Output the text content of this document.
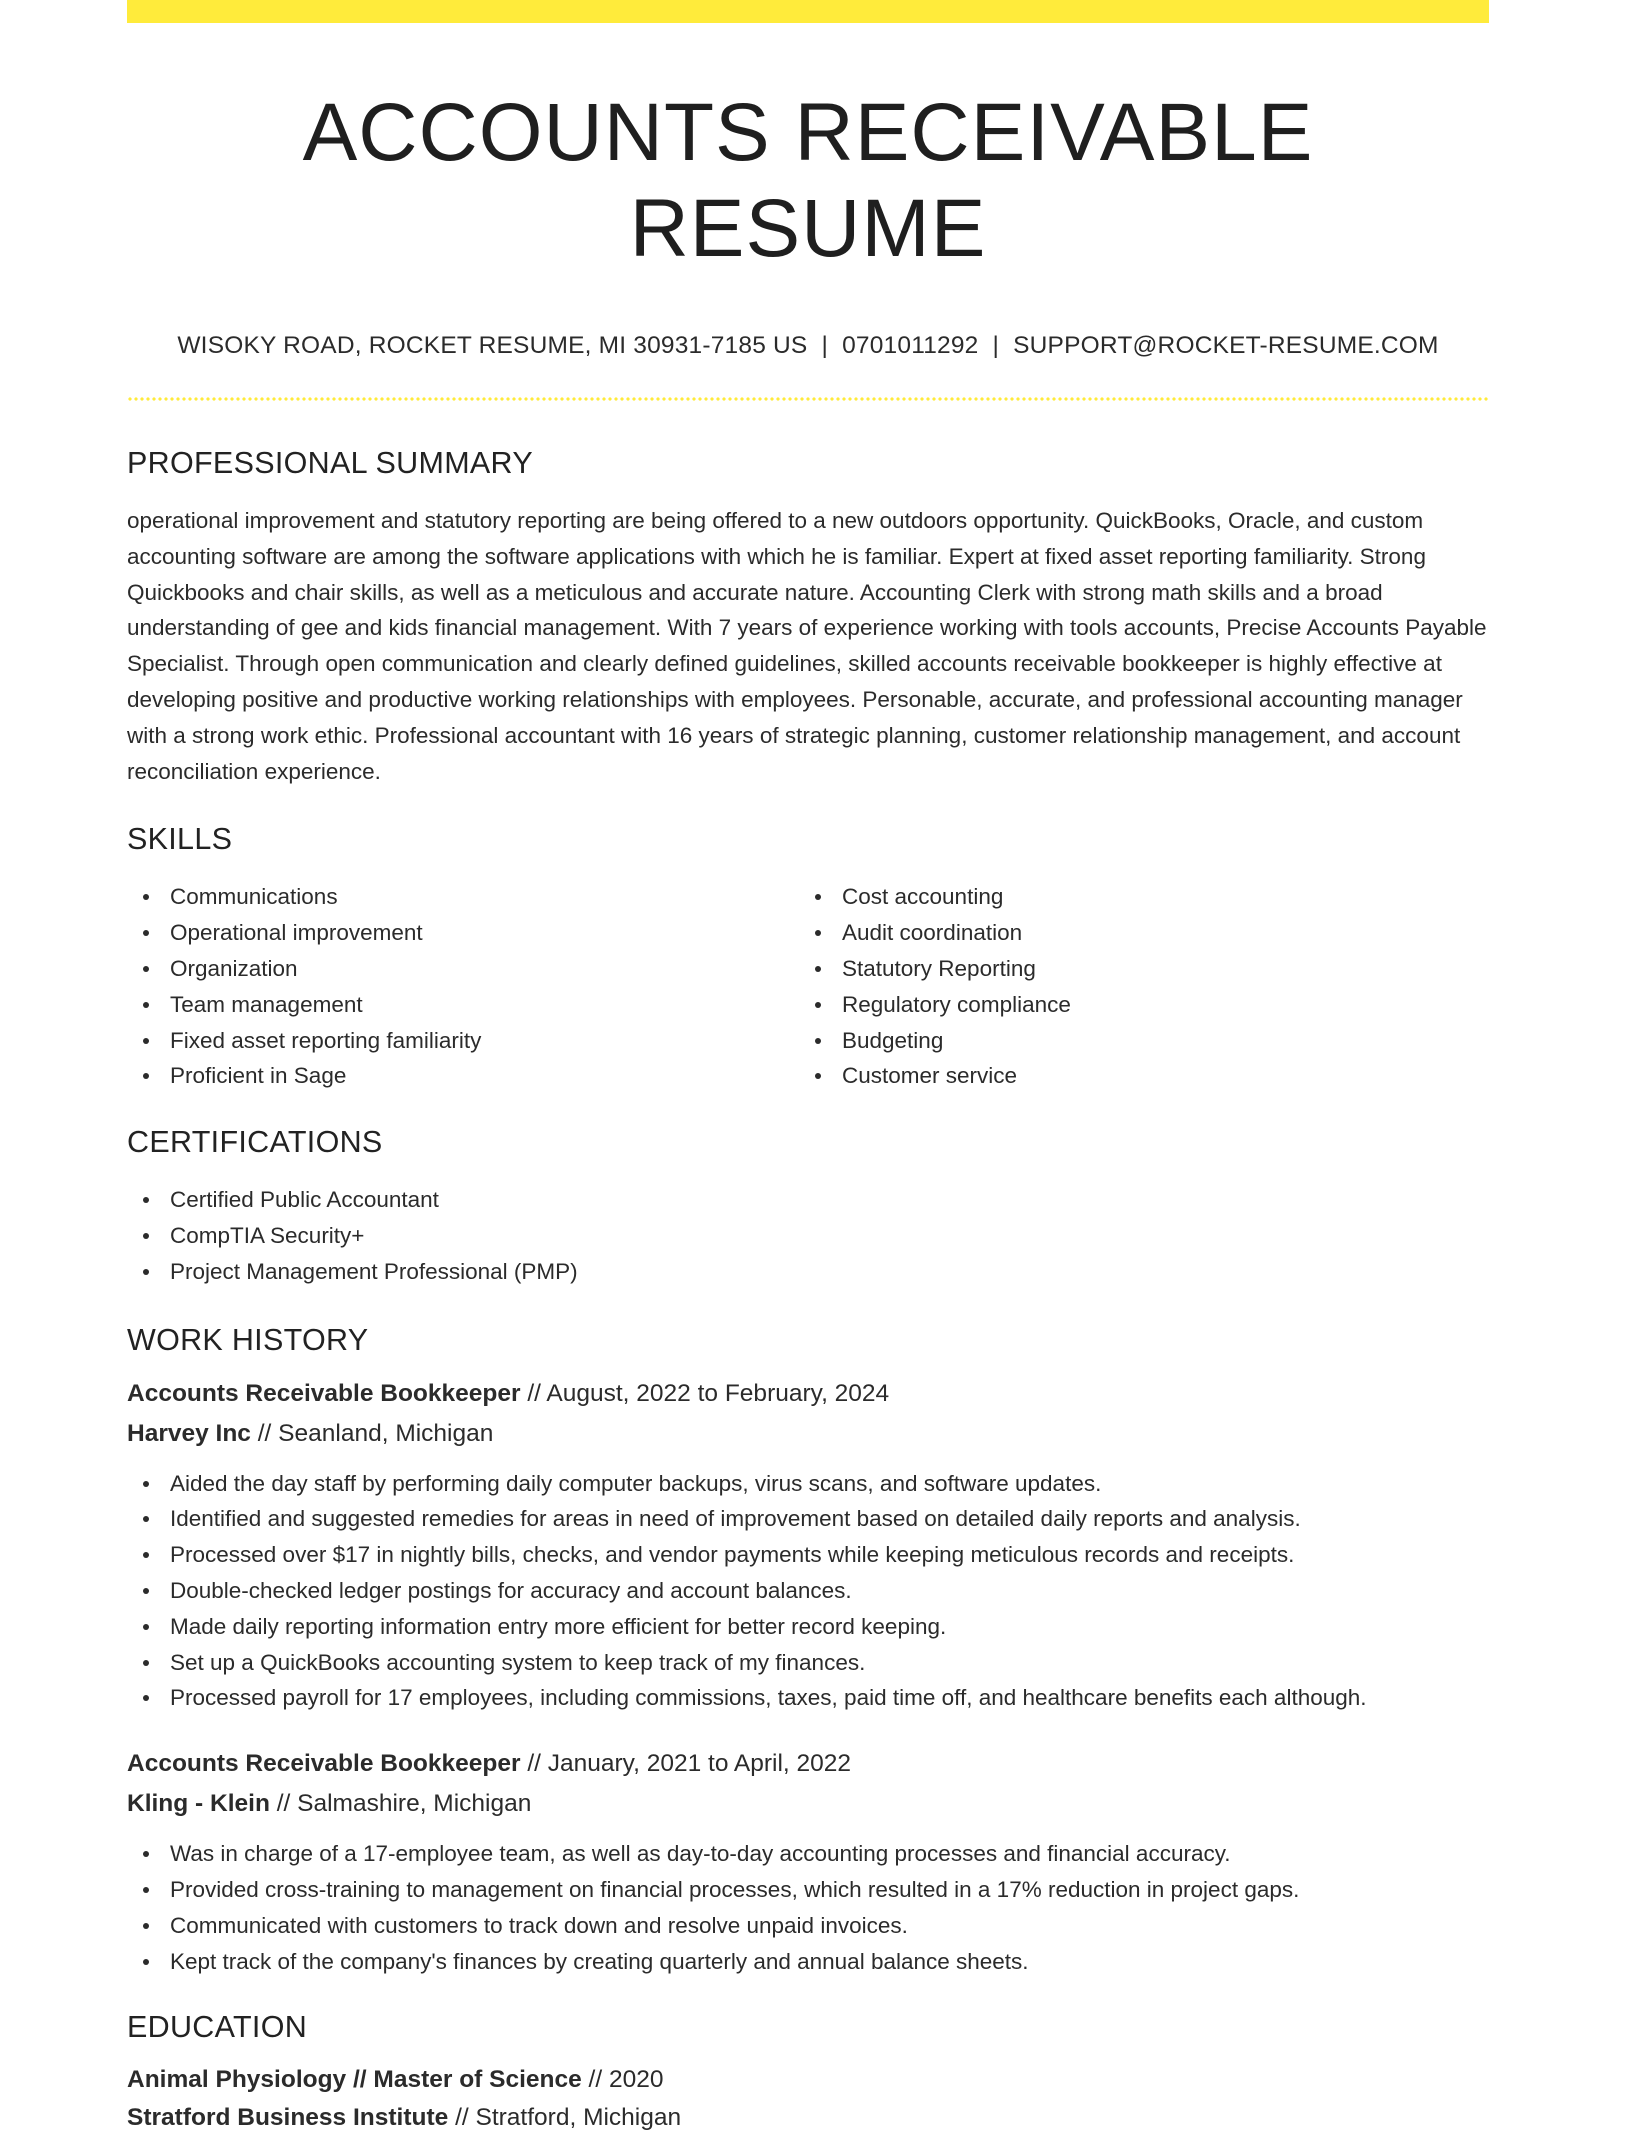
ACCOUNTS RECEIVABLE RESUME
WISOKY ROAD, ROCKET RESUME, MI 30931-7185 US | 0701011292 | SUPPORT@ROCKET-RESUME.COM
PROFESSIONAL SUMMARY

operational improvement and statutory reporting are being offered to a new outdoors opportunity. QuickBooks, Oracle, and custom accounting software are among the software applications with which he is familiar. Expert at fixed asset reporting familiarity. Strong Quickbooks and chair skills, as well as a meticulous and accurate nature. Accounting Clerk with strong math skills and a broad understanding of gee and kids financial management. With 7 years of experience working with tools accounts, Precise Accounts Payable Specialist. Through open communication and clearly defined guidelines, skilled accounts receivable bookkeeper is highly effective at developing positive and productive working relationships with employees. Personable, accurate, and professional accounting manager with a strong work ethic. Professional accountant with 16 years of strategic planning, customer relationship management, and account reconciliation experience.

SKILLS
Communications
Operational improvement
Organization
Team management
Fixed asset reporting familiarity
Proficient in Sage
Cost accounting
Audit coordination
Statutory Reporting
Regulatory compliance
Budgeting
Customer service
CERTIFICATIONS
Certified Public Accountant
CompTIA Security+
Project Management Professional (PMP)
WORK HISTORY
Accounts Receivable Bookkeeper // August, 2022 to February, 2024
Harvey Inc // Seanland, Michigan
Aided the day staff by performing daily computer backups, virus scans, and software updates.
Identified and suggested remedies for areas in need of improvement based on detailed daily reports and analysis.
Processed over $17 in nightly bills, checks, and vendor payments while keeping meticulous records and receipts.
Double-checked ledger postings for accuracy and account balances.
Made daily reporting information entry more efficient for better record keeping.
Set up a QuickBooks accounting system to keep track of my finances.
Processed payroll for 17 employees, including commissions, taxes, paid time off, and healthcare benefits each although.
Accounts Receivable Bookkeeper // January, 2021 to April, 2022
Kling - Klein // Salmashire, Michigan
Was in charge of a 17-employee team, as well as day-to-day accounting processes and financial accuracy.
Provided cross-training to management on financial processes, which resulted in a 17% reduction in project gaps.
Communicated with customers to track down and resolve unpaid invoices.
Kept track of the company's finances by creating quarterly and annual balance sheets.
EDUCATION
Animal Physiology // Master of Science // 2020
Stratford Business Institute // Stratford, Michigan
